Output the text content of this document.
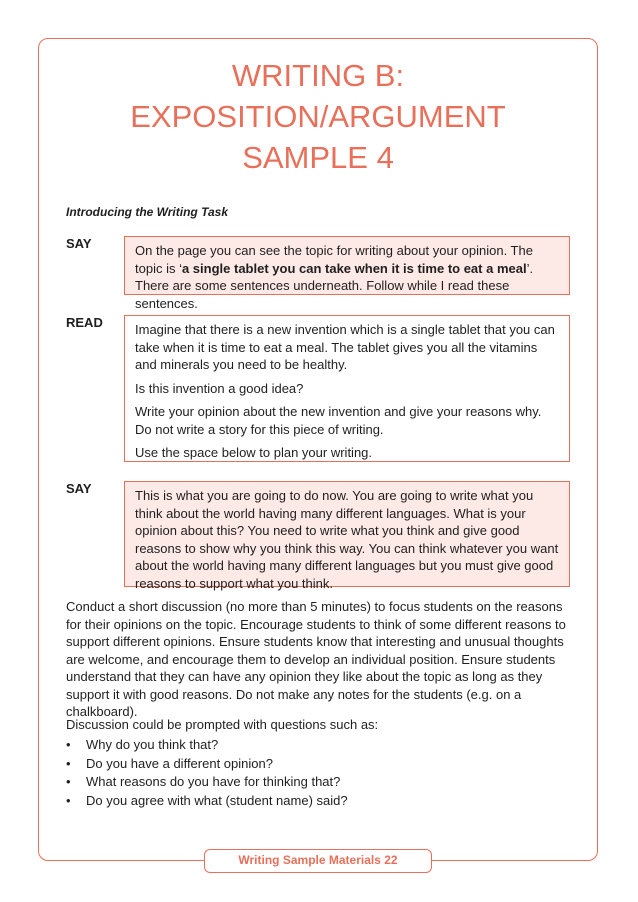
WRITING B:
EXPOSITION/ARGUMENT
SAMPLE 4
Introducing the Writing Task
SAY	On the page you can see the topic for writing about your opinion. The topic is ‘a single tablet you can take when it is time to eat a meal’. There are some sentences underneath. Follow while I read these sentences.
READ Imagine that there is a new invention which is a single tablet that you can take when it is time to eat a meal. The tablet gives you all the vitamins and minerals you need to be healthy.

Is this invention a good idea?

Write your opinion about the new invention and give your reasons why.
Do not write a story for this piece of writing.

Use the space below to plan your writing.

SAY	This is what you are going to do now. You are going to write what you think about the world having many different languages. What is your opinion about this? You need to write what you think and give good reasons to show why you think this way. You can think whatever you want about the world having many different languages but you must give good reasons to support what you think.

Conduct a short discussion (no more than 5 minutes) to focus students on the reasons for their opinions on the topic. Encourage students to think of some different reasons to support different opinions. Ensure students know that interesting and unusual thoughts are welcome, and encourage them to develop an individual position. Ensure students understand that they can have any opinion they like about the topic as long as they support it with good reasons. Do not make any notes for the students (e.g. on a chalkboard).

Discussion could be prompted with questions such as:

• Why do you think that?
• Do you have a different opinion?
• What reasons do you have for thinking that?
• Do you agree with what (student name) said?
Writing Sample Materials 22
